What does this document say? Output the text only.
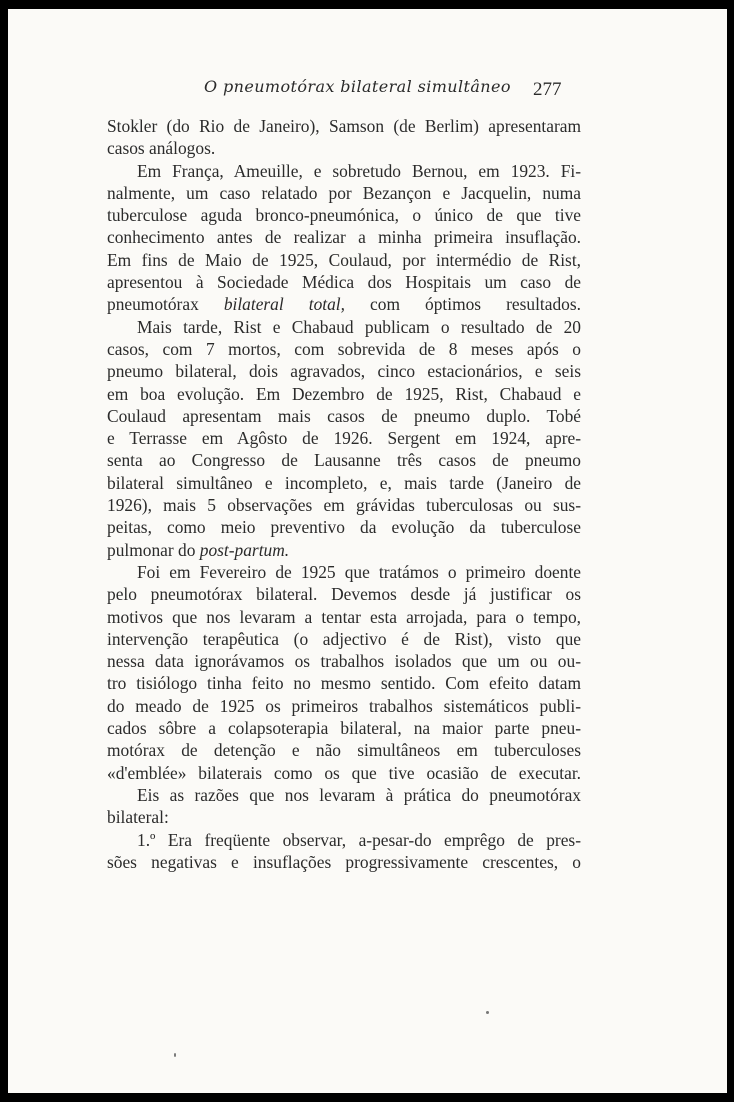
O pneumotórax bilateral simultâneo 277
Stokler (do Rio de Janeiro), Samson (de Berlim) apresentaram
casos análogos.
Em França, Ameuille, e sobretudo Bernou, em 1923. Fi-
nalmente, um caso relatado por Bezançon e Jacquelin, numa
tuberculose aguda bronco-pneumónica, o único de que tive
conhecimento antes de realizar a minha primeira insuflação.
Em fins de Maio de 1925, Coulaud, por intermédio de Rist,
apresentou à Sociedade Médica dos Hospitais um caso de
pneumotórax bilateral total, com óptimos resultados.
Mais tarde, Rist e Chabaud publicam o resultado de 20
casos, com 7 mortos, com sobrevida de 8 meses após o
pneumo bilateral, dois agravados, cinco estacionários, e seis
em boa evolução. Em Dezembro de 1925, Rist, Chabaud e
Coulaud apresentam mais casos de pneumo duplo. Tobé
e Terrasse em Agôsto de 1926. Sergent em 1924, apre-
senta ao Congresso de Lausanne três casos de pneumo
bilateral simultâneo e incompleto, e, mais tarde (Janeiro de
1926), mais 5 observações em grávidas tuberculosas ou sus-
peitas, como meio preventivo da evolução da tuberculose
pulmonar do post-partum.
Foi em Fevereiro de 1925 que tratámos o primeiro doente
pelo pneumotórax bilateral. Devemos desde já justificar os
motivos que nos levaram a tentar esta arrojada, para o tempo,
intervenção terapêutica (o adjectivo é de Rist), visto que
nessa data ignorávamos os trabalhos isolados que um ou ou-
tro tisiólogo tinha feito no mesmo sentido. Com efeito datam
do meado de 1925 os primeiros trabalhos sistemáticos publi-
cados sôbre a colapsoterapia bilateral, na maior parte pneu-
motórax de detenção e não simultâneos em tuberculoses
«d'emblée» bilaterais como os que tive ocasião de executar.
Eis as razões que nos levaram à prática do pneumotórax
bilateral:
1.º Era freqüente observar, a-pesar-do emprêgo de pres-
sões negativas e insuflações progressivamente crescentes, o
